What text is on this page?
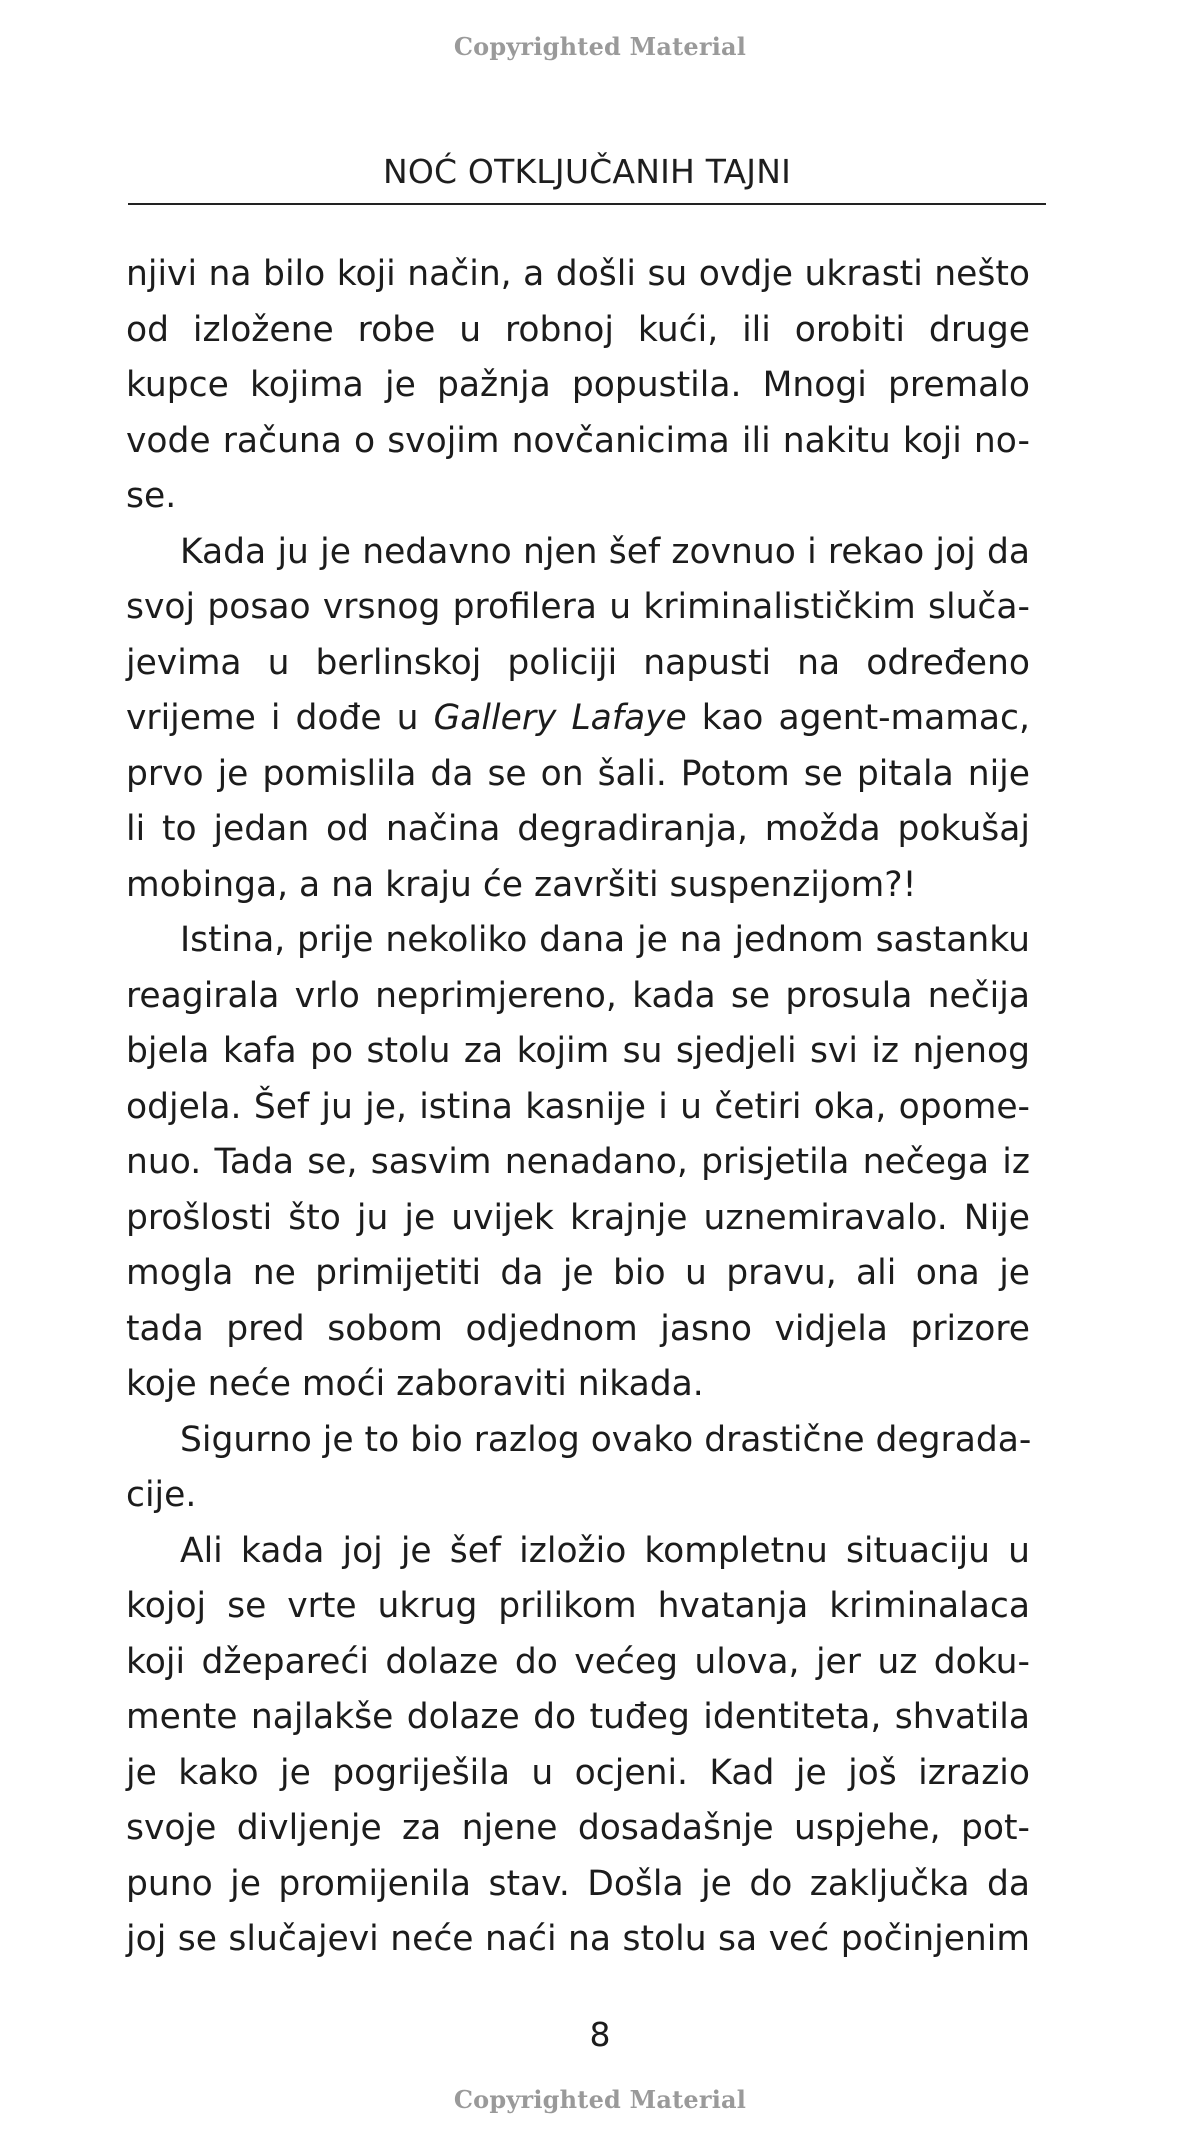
Copyrighted Material
NOĆ OTKLJUČANIH TAJNI
njivi na bilo koji način, a došli su ovdje ukrasti nešto
od izložene robe u robnoj kući, ili orobiti druge
kupce kojima je pažnja popustila. Mnogi premalo
vode računa o svojim novčanicima ili nakitu koji no-
se.
Kada ju je nedavno njen šef zovnuo i rekao joj da
svoj posao vrsnog profilera u kriminalističkim sluča-
jevima u berlinskoj policiji napusti na određeno
vrijeme i dođe u Gallery Lafaye kao agent-mamac,
prvo je pomislila da se on šali. Potom se pitala nije
li to jedan od načina degradiranja, možda pokušaj
mobinga, a na kraju će završiti suspenzijom?!
Istina, prije nekoliko dana je na jednom sastanku
reagirala vrlo neprimjereno, kada se prosula nečija
bjela kafa po stolu za kojim su sjedjeli svi iz njenog
odjela. Šef ju je, istina kasnije i u četiri oka, opome-
nuo. Tada se, sasvim nenadano, prisjetila nečega iz
prošlosti što ju je uvijek krajnje uznemiravalo. Nije
mogla ne primijetiti da je bio u pravu, ali ona je
tada pred sobom odjednom jasno vidjela prizore
koje neće moći zaboraviti nikada.
Sigurno je to bio razlog ovako drastične degrada-
cije.
Ali kada joj je šef izložio kompletnu situaciju u
kojoj se vrte ukrug prilikom hvatanja kriminalaca
koji džepareći dolaze do većeg ulova, jer uz doku-
mente najlakše dolaze do tuđeg identiteta, shvatila
je kako je pogriješila u ocjeni. Kad je još izrazio
svoje divljenje za njene dosadašnje uspjehe, pot-
puno je promijenila stav. Došla je do zaključka da
joj se slučajevi neće naći na stolu sa već počinjenim
8
Copyrighted Material
